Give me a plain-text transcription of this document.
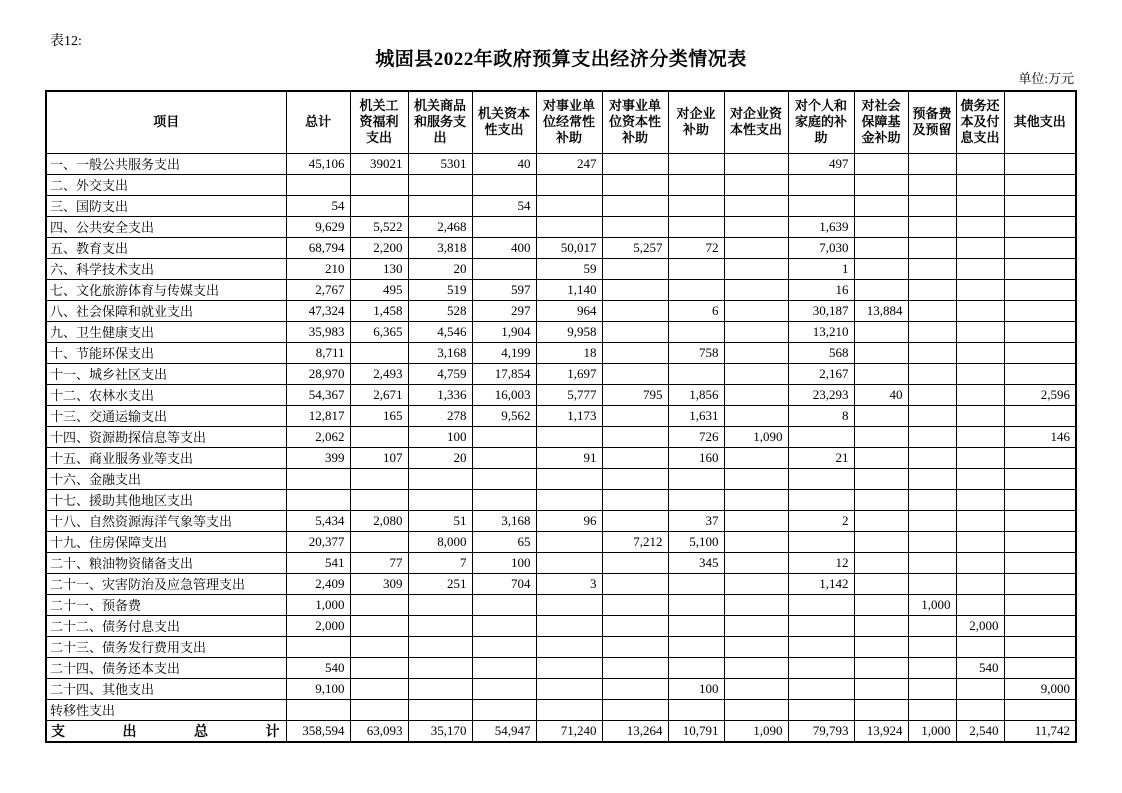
表12:
城固县2022年政府预算支出经济分类情况表
单位:万元
项目	总计	机关工资福利支出	机关商品和服务支出	机关资本性支出	对事业单位经常性补助	对事业单位资本性补助	对企业补助	对企业资本性支出	对个人和家庭的补助	对社会保障基金补助	预备费及预留	债务还本及付息支出	其他支出
一、一般公共服务支出	45,106	39021	5301	40	247				497				
二、外交支出													
三、国防支出	54			54									
四、公共安全支出	9,629	5,522	2,468						1,639				
五、教育支出	68,794	2,200	3,818	400	50,017	5,257	72		7,030				
六、科学技术支出	210	130	20		59				1				
七、文化旅游体育与传媒支出	2,767	495	519	597	1,140				16				
八、社会保障和就业支出	47,324	1,458	528	297	964		6		30,187	13,884			
九、卫生健康支出	35,983	6,365	4,546	1,904	9,958				13,210				
十、节能环保支出	8,711		3,168	4,199	18		758		568				
十一、城乡社区支出	28,970	2,493	4,759	17,854	1,697				2,167				
十二、农林水支出	54,367	2,671	1,336	16,003	5,777	795	1,856		23,293	40			2,596
十三、交通运输支出	12,817	165	278	9,562	1,173		1,631		8				
十四、资源勘探信息等支出	2,062		100				726	1,090					146
十五、商业服务业等支出	399	107	20		91		160		21				
十六、金融支出													
十七、援助其他地区支出													
十八、自然资源海洋气象等支出	5,434	2,080	51	3,168	96		37		2				
十九、住房保障支出	20,377		8,000	65		7,212	5,100						
二十、粮油物资储备支出	541	77	7	100			345		12				
二十一、灾害防治及应急管理支出	2,409	309	251	704	3				1,142				
二十一、预备费	1,000										1,000		
二十二、债务付息支出	2,000											2,000	
二十三、债务发行费用支出													
二十四、债务还本支出	540											540	
二十四、其他支出	9,100						100						9,000
转移性支出													

支 出 总 计	358,594	63,093	35,170	54,947	71,240	13,264	10,791	1,090	79,793	13,924	1,000	2,540	11,742
